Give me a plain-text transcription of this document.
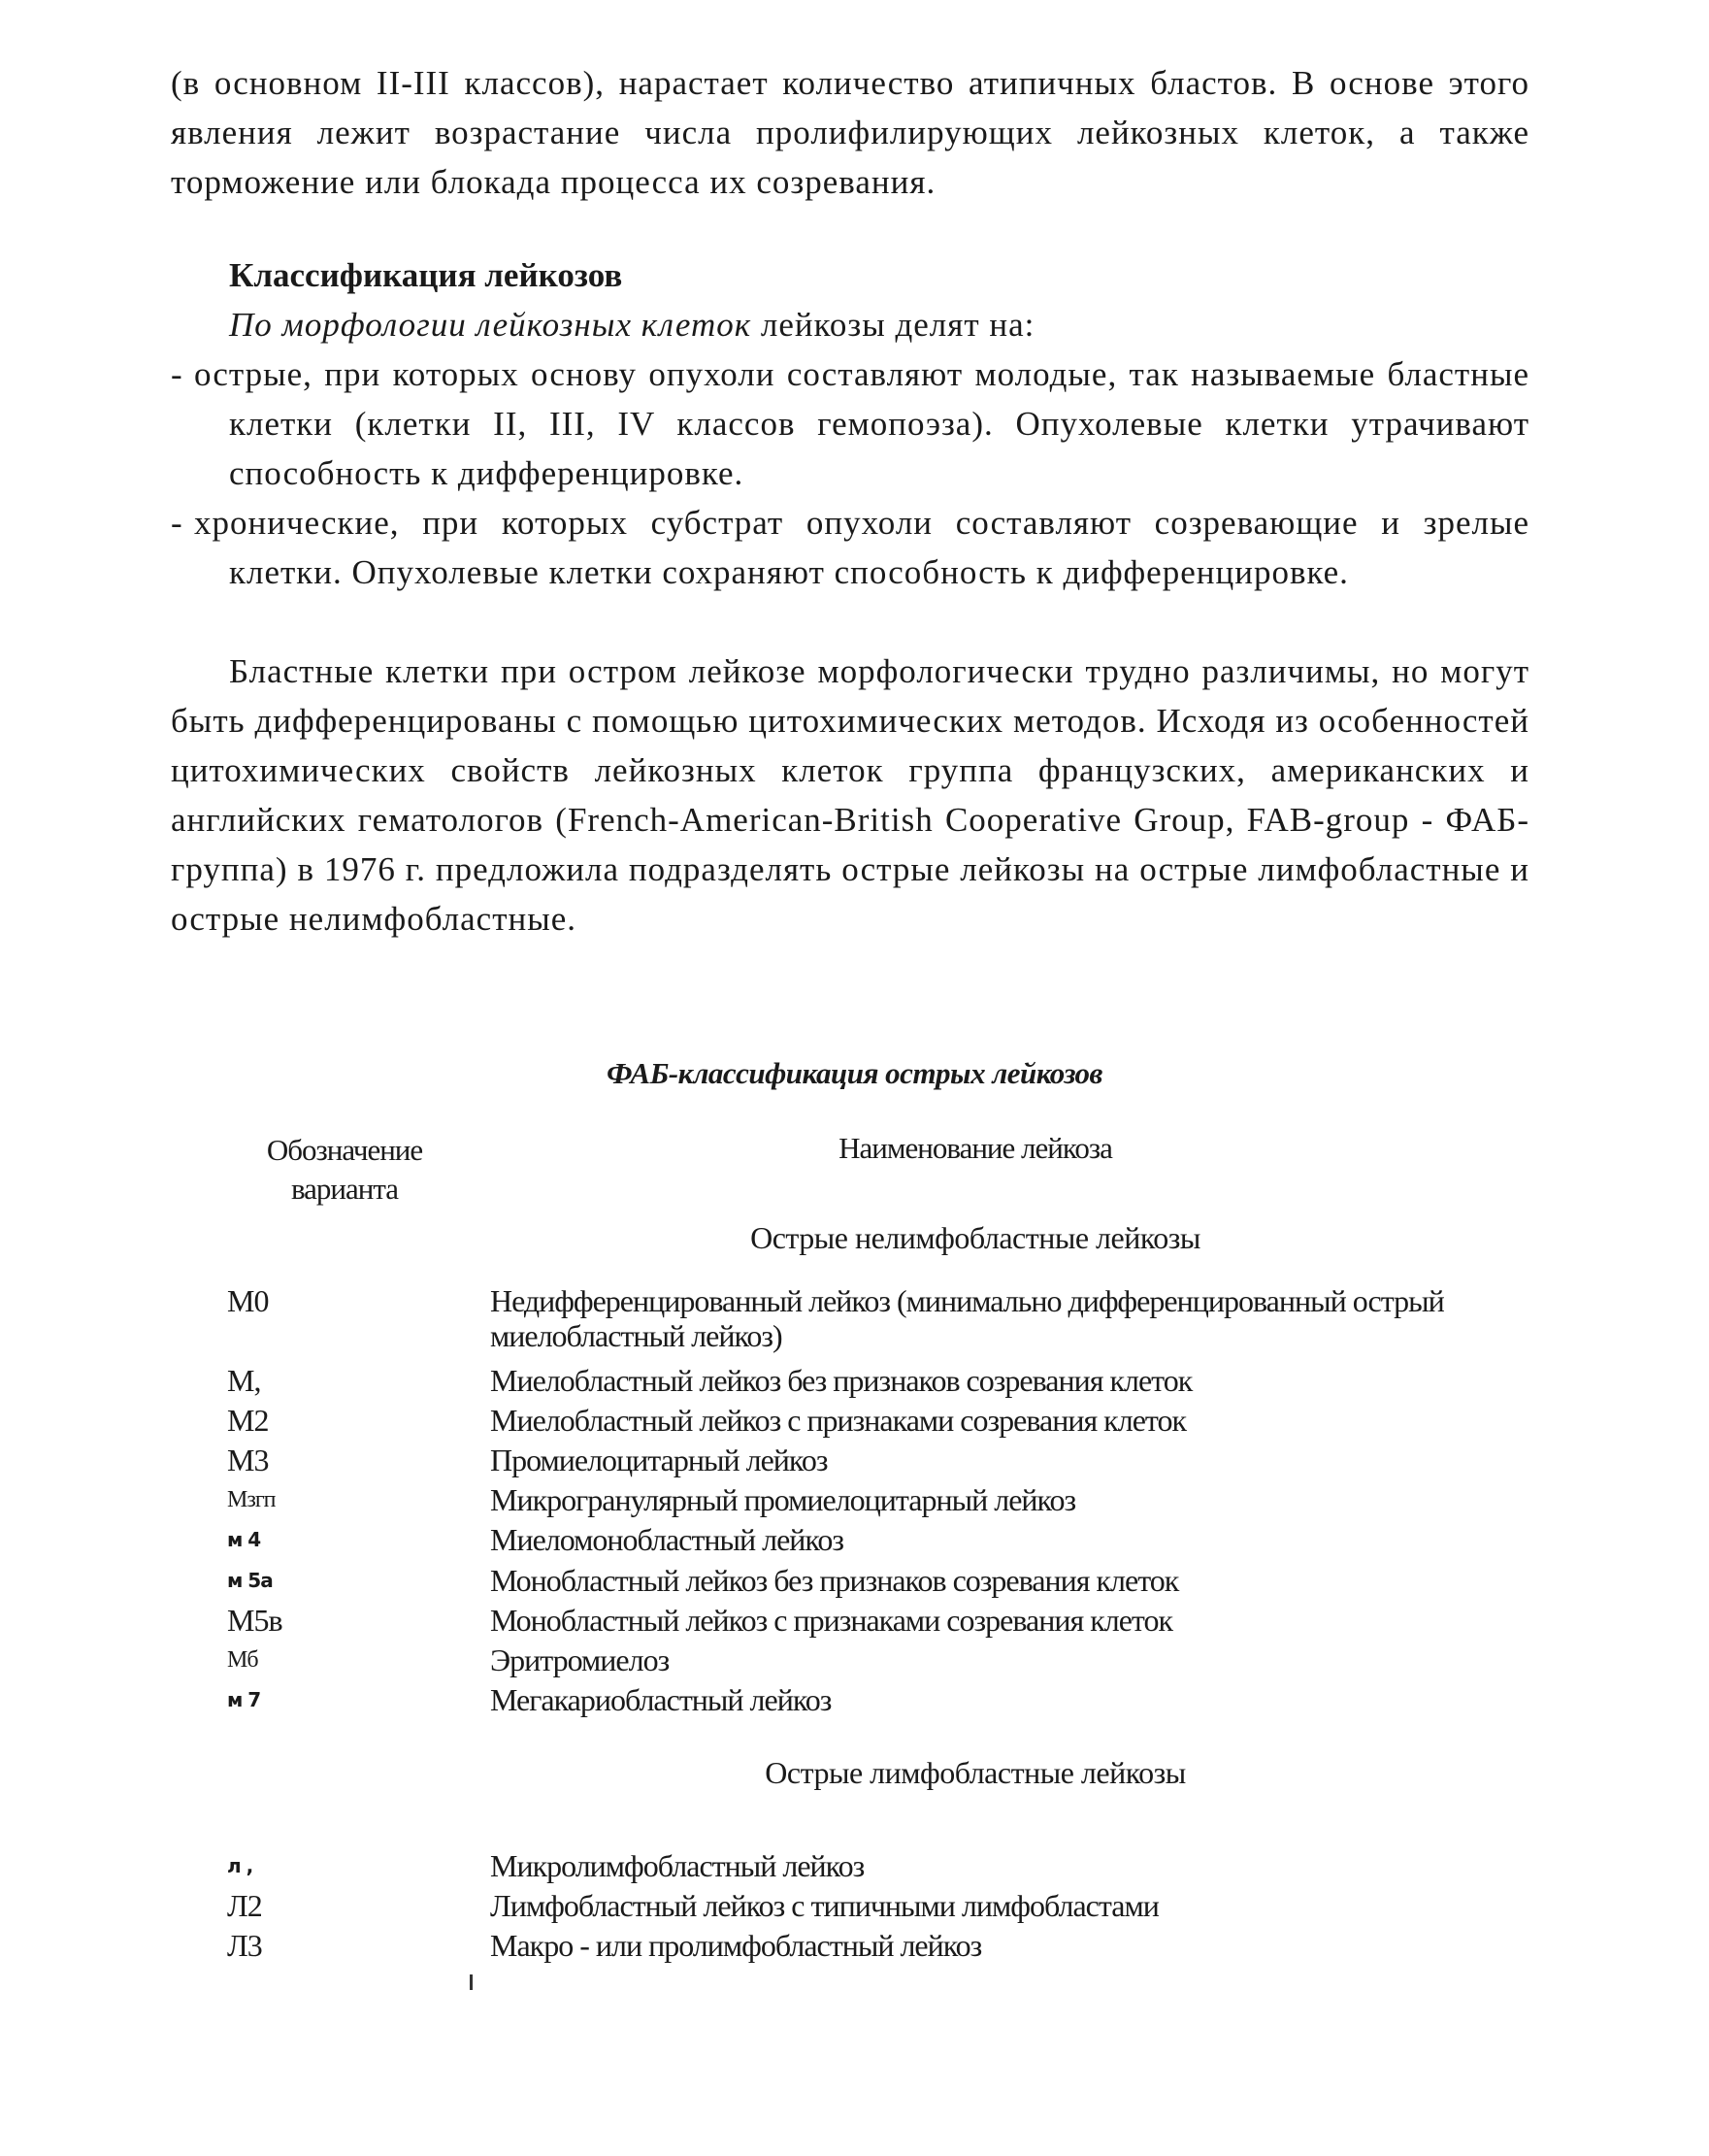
(в основном II-III классов), нарастает количество атипичных бластов. В основе этого явления лежит возрастание числа пролифилирующих лейкозных клеток, а также торможение или блокада процесса их созревания.
Классификация лейкозов
По морфологии лейкозных клеток лейкозы делят на:
- острые, при которых основу опухоли составляют молодые, так называемые бластные клетки (клетки II, III, IV классов гемопоэза). Опухолевые клетки утрачивают способность к дифференцировке.
- хронические, при которых субстрат опухоли составляют созревающие и зрелые клетки. Опухолевые клетки сохраняют способность к дифференцировке.
Бластные клетки при остром лейкозе морфологически трудно различимы, но могут быть дифференцированы с помощью цитохимических методов. Исходя из особенностей цитохимических свойств лейкозных клеток группа французских, американских и английских гематологов (French-American-British Cooperative Group, FAB-group - ФАБ-группа) в 1976 г. предложила подразделять острые лейкозы на острые лимфобластные и острые нелимфобластные.
ФАБ-классификация острых лейкозов
Обозначение варианта
Наименование лейкоза
Острые нелимфобластные лейкозы
M0	Недифференцированный лейкоз (минимально дифференцированный острый миелобластный лейкоз)
M,	Миелобластный лейкоз без признаков созревания клеток
M2	Миелобластный лейкоз с признаками созревания клеток
M3	Промиелоцитарный лейкоз
Mзгп	Микрогранулярный промиелоцитарный лейкоз
м 4	Миеломонобластный лейкоз
м 5а	Монобластный лейкоз без признаков созревания клеток
M5в	Монобластный лейкоз с признаками созревания клеток
Mб	Эритромиелоз
м 7	Мегакариобластный лейкоз
Острые лимфобластные лейкозы
л ,	Микролимфобластный лейкоз
Л2	Лимфобластный лейкоз с типичными лимфобластами
Л3	Макро - или пролимфобластный лейкоз
